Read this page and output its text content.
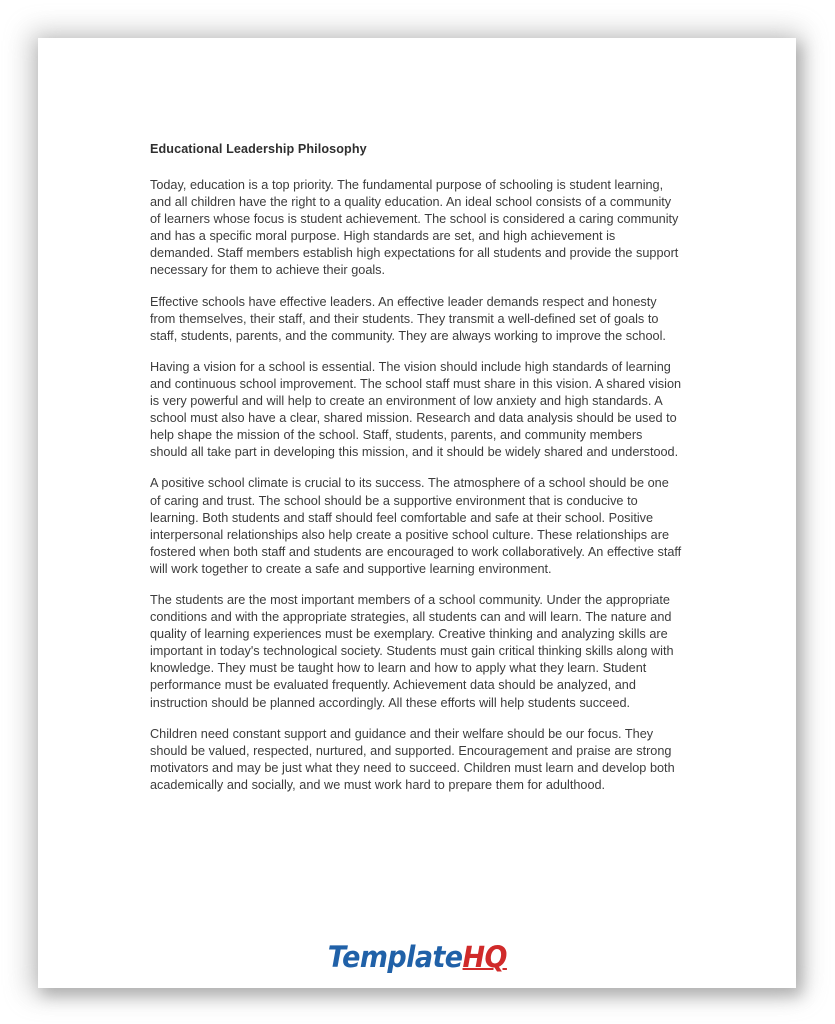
Educational Leadership Philosophy

Today, education is a top priority. The fundamental purpose of schooling is student learning, and all children have the right to a quality education. An ideal school consists of a community of learners whose focus is student achievement. The school is considered a caring community and has a specific moral purpose. High standards are set, and high achievement is demanded. Staff members establish high expectations for all students and provide the support necessary for them to achieve their goals.

Effective schools have effective leaders. An effective leader demands respect and honesty from themselves, their staff, and their students. They transmit a well-defined set of goals to staff, students, parents, and the community. They are always working to improve the school.

Having a vision for a school is essential. The vision should include high standards of learning and continuous school improvement. The school staff must share in this vision. A shared vision is very powerful and will help to create an environment of low anxiety and high standards. A school must also have a clear, shared mission. Research and data analysis should be used to help shape the mission of the school. Staff, students, parents, and community members should all take part in developing this mission, and it should be widely shared and understood.

A positive school climate is crucial to its success. The atmosphere of a school should be one of caring and trust. The school should be a supportive environment that is conducive to learning. Both students and staff should feel comfortable and safe at their school. Positive interpersonal relationships also help create a positive school culture. These relationships are fostered when both staff and students are encouraged to work collaboratively. An effective staff will work together to create a safe and supportive learning environment.

The students are the most important members of a school community. Under the appropriate conditions and with the appropriate strategies, all students can and will learn. The nature and quality of learning experiences must be exemplary. Creative thinking and analyzing skills are important in today's technological society. Students must gain critical thinking skills along with knowledge. They must be taught how to learn and how to apply what they learn. Student performance must be evaluated frequently. Achievement data should be analyzed, and instruction should be planned accordingly. All these efforts will help students succeed.

Children need constant support and guidance and their welfare should be our focus. They should be valued, respected, nurtured, and supported. Encouragement and praise are strong motivators and may be just what they need to succeed. Children must learn and develop both academically and socially, and we must work hard to prepare them for adulthood.

TemplateHQ
